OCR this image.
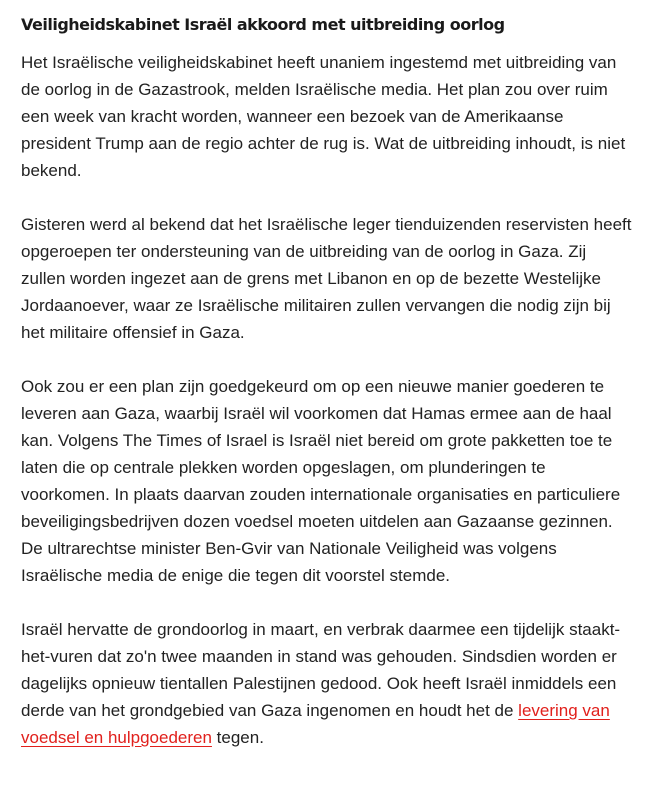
Veiligheidskabinet Israël akkoord met uitbreiding oorlog

Het Israëlische veiligheidskabinet heeft unaniem ingestemd met uitbreiding van de oorlog in de Gazastrook, melden Israëlische media. Het plan zou over ruim een week van kracht worden, wanneer een bezoek van de Amerikaanse president Trump aan de regio achter de rug is. Wat de uitbreiding inhoudt, is niet bekend.

Gisteren werd al bekend dat het Israëlische leger tienduizenden reservisten heeft opgeroepen ter ondersteuning van de uitbreiding van de oorlog in Gaza. Zij zullen worden ingezet aan de grens met Libanon en op de bezette Westelijke Jordaanoever, waar ze Israëlische militairen zullen vervangen die nodig zijn bij het militaire offensief in Gaza.

Ook zou er een plan zijn goedgekeurd om op een nieuwe manier goederen te leveren aan Gaza, waarbij Israël wil voorkomen dat Hamas ermee aan de haal kan. Volgens The Times of Israel is Israël niet bereid om grote pakketten toe te laten die op centrale plekken worden opgeslagen, om plunderingen te voorkomen. In plaats daarvan zouden internationale organisaties en particuliere beveiligingsbedrijven dozen voedsel moeten uitdelen aan Gazaanse gezinnen. De ultrarechtse minister Ben-Gvir van Nationale Veiligheid was volgens Israëlische media de enige die tegen dit voorstel stemde.

Israël hervatte de grondoorlog in maart, en verbrak daarmee een tijdelijk staakt-het-vuren dat zo'n twee maanden in stand was gehouden. Sindsdien worden er dagelijks opnieuw tientallen Palestijnen gedood. Ook heeft Israël inmiddels een derde van het grondgebied van Gaza ingenomen en houdt het de levering van voedsel en hulpgoederen tegen.
